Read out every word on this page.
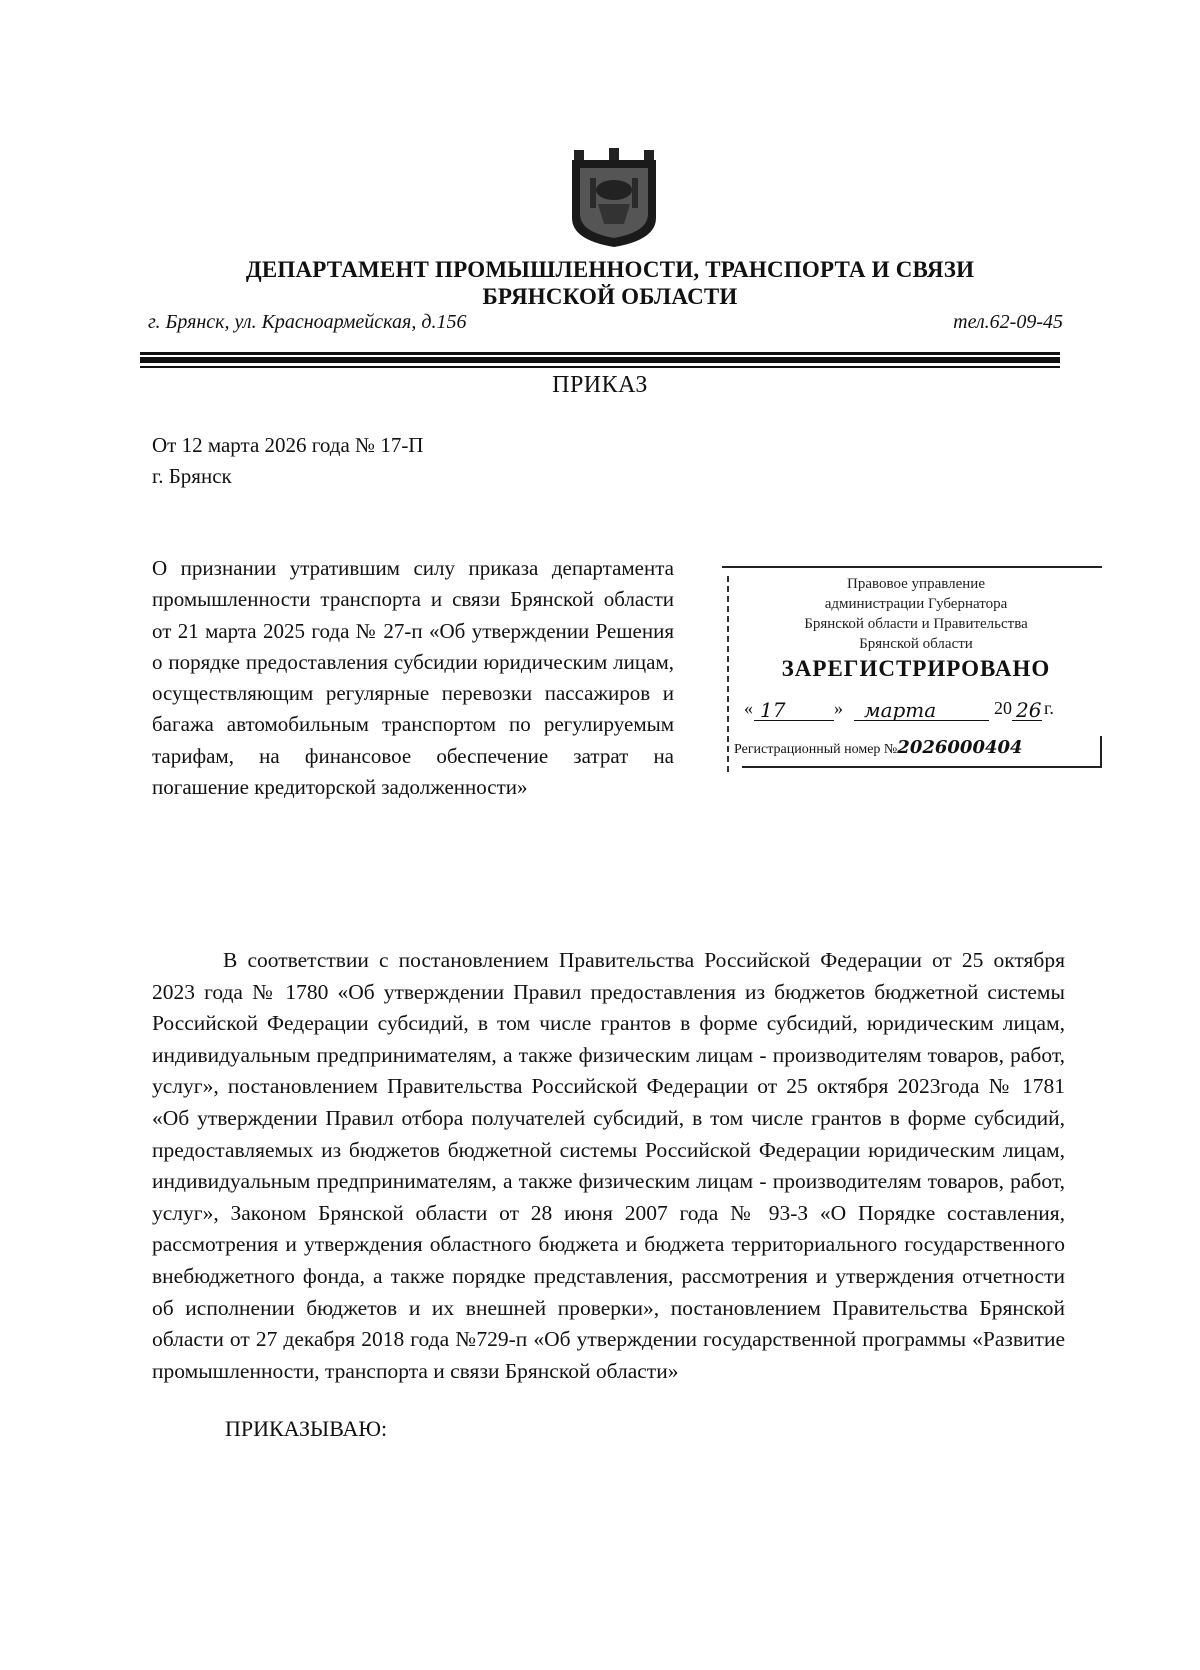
ДЕПАРТАМЕНТ ПРОМЫШЛЕННОСТИ, ТРАНСПОРТА И СВЯЗИ
БРЯНСКОЙ ОБЛАСТИ
г. Брянск, ул. Красноармейская, д.156	тел.62-09-45
ПРИКАЗ
От 12 марта 2026 года № 17-П
г. Брянск
О признании утратившим силу приказа департамента промышленности транспорта и связи Брянской области от 21 марта 2025 года № 27-п «Об утверждении Решения о порядке предоставления субсидии юридическим лицам, осуществляющим регулярные перевозки пассажиров и багажа автомобильным транспортом по регулируемым тарифам, на финансовое обеспечение затрат на погашение кредиторской задолженности»
Правовое управление
администрации Губернатора
Брянской области и Правительства
Брянской области
ЗАРЕГИСТРИРОВАНО
« 17	» марта	20 26 г.
Регистрационный номер №2026000404
В соответствии с постановлением Правительства Российской Федерации от 25 октября 2023 года № 1780 «Об утверждении Правил предоставления из бюджетов бюджетной системы Российской Федерации субсидий, в том числе грантов в форме субсидий, юридическим лицам, индивидуальным предпринимателям, а также физическим лицам - производителям товаров, работ, услуг», постановлением Правительства Российской Федерации от 25 октября 2023года № 1781 «Об утверждении Правил отбора получателей субсидий, в том числе грантов в форме субсидий, предоставляемых из бюджетов бюджетной системы Российской Федерации юридическим лицам, индивидуальным предпринимателям, а также физическим лицам - производителям товаров, работ, услуг», Законом Брянской области от 28 июня 2007 года № 93-З «О Порядке составления, рассмотрения и утверждения областного бюджета и бюджета территориального государственного внебюджетного фонда, а также порядке представления, рассмотрения и утверждения отчетности об исполнении бюджетов и их внешней проверки», постановлением Правительства Брянской области от 27 декабря 2018 года №729-п «Об утверждении государственной программы «Развитие промышленности, транспорта и связи Брянской области»
ПРИКАЗЫВАЮ:
